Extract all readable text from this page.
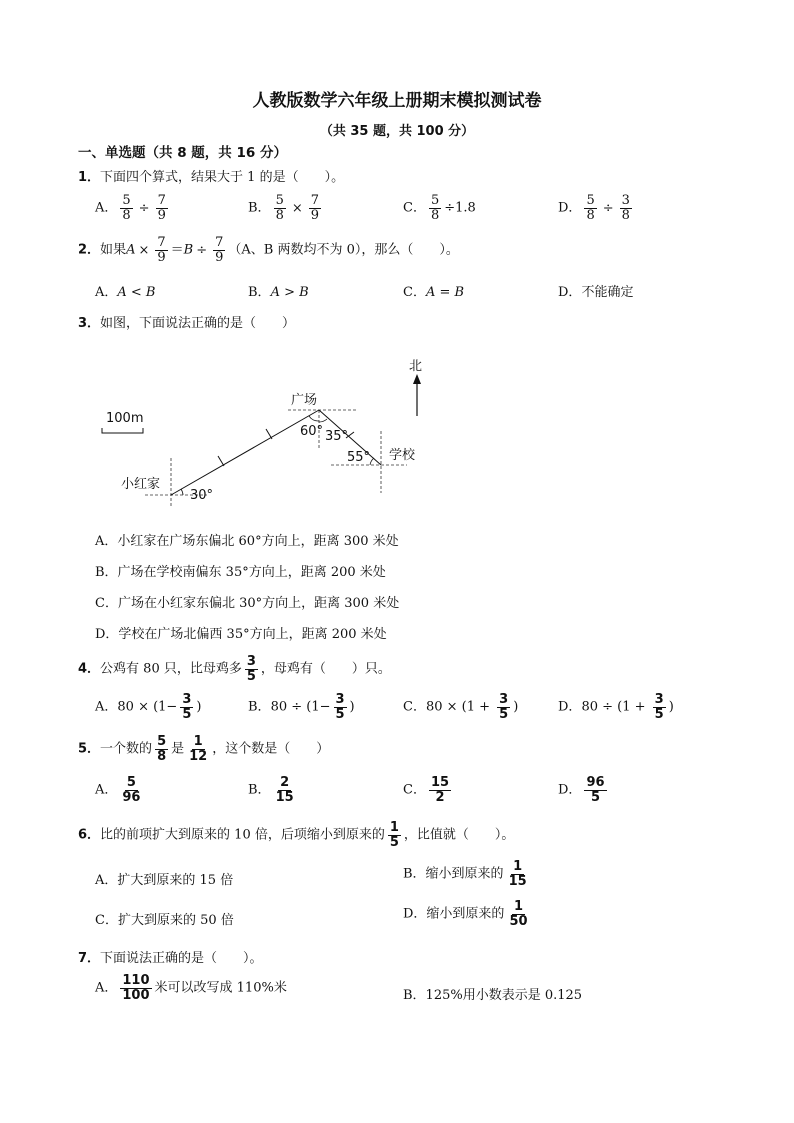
人教版数学六年级上册期末模拟测试卷
（共 35 题，共 100 分）
一、单选题（共 8 题，共 16 分）
1．下面四个算式，结果大于 1 的是（　　）。
A． $\frac{5}{8} \div \frac{7}{9}$	B． $\frac{5}{8} \times \frac{7}{9}$	C． $\frac{5}{8} \div 1.8$	D． $\frac{5}{8} \div \frac{3}{8}$
2．如果$A \times \frac{7}{9} =B \div \frac{7}{9} (A$、B 两数均不为 0），那么（　　）。
A．A < B	B．A > B	C．A = B	D．不能确定
3．如图，下面说法正确的是（　　）
北
100m
广场
学校
小红家
60° 35°
55°
30°
A．小红家在广场东偏北 60°方向上，距离 300 米处
B．广场在学校南偏东 35°方向上，距离 200 米处
C．广场在小红家东偏北 30°方向上，距离 300 米处
D．学校在广场北偏西 35°方向上，距离 200 米处
4．公鸡有 80 只，比母鸡多 $\frac{3}{5}$ ，母鸡有（　　）只。
A．$80 \times (1- \frac{3}{5}$ )	B．$80 \div (1- \frac{3}{5}$ )	C．$80 \times (1 + \frac{3}{5}$ )	D．$80 \div (1 + \frac{3}{5}$ )
5．一个数的 $\frac{5}{8}$ 是 $\frac{1}{12}$ ，这个数是（　　）
A． $\frac{5}{96}$	B． $\frac{2}{15}$	C． $\frac{15}{2}$	D． $\frac{96}{5}$
6．比的前项扩大到原来的 10 倍，后项缩小到原来的 $\frac{1}{5}$ ，比值就（　　）。
A．扩大到原来的 15 倍	B．缩小到原来的 $\frac{1}{15}$
C．扩大到原来的 50 倍	D．缩小到原来的 $\frac{1}{50}$
7．下面说法正确的是（　　）。
A． $\frac{110}{100}$ 米可以改写成 110%米	B．125%用小数表示是 0.125
